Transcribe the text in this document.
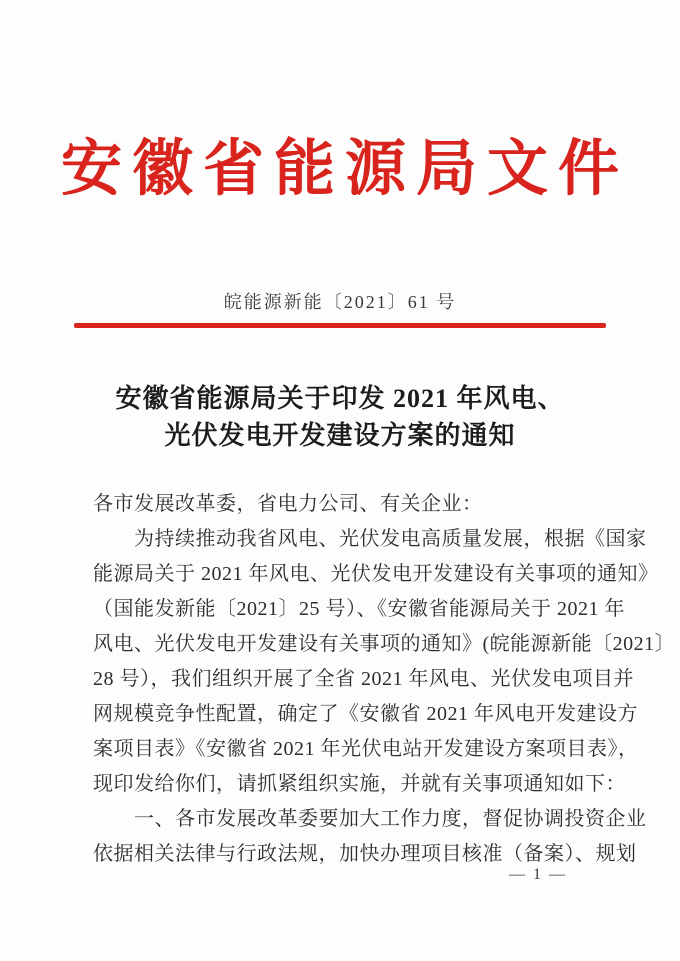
安徽省能源局文件
皖能源新能〔2021〕61 号
安徽省能源局关于印发 2021 年风电、
光伏发电开发建设方案的通知
各市发展改革委，省电力公司、有关企业：
为持续推动我省风电、光伏发电高质量发展，根据《国家
能源局关于 2021 年风电、光伏发电开发建设有关事项的通知》
（国能发新能〔2021〕25 号）、《安徽省能源局关于 2021 年
风电、光伏发电开发建设有关事项的通知》(皖能源新能〔2021〕
28 号），我们组织开展了全省 2021 年风电、光伏发电项目并
网规模竞争性配置，确定了《安徽省 2021 年风电开发建设方
案项目表》《安徽省 2021 年光伏电站开发建设方案项目表》，
现印发给你们，请抓紧组织实施，并就有关事项通知如下：
一、各市发展改革委要加大工作力度，督促协调投资企业
依据相关法律与行政法规，加快办理项目核准（备案）、规划
— 1 —
